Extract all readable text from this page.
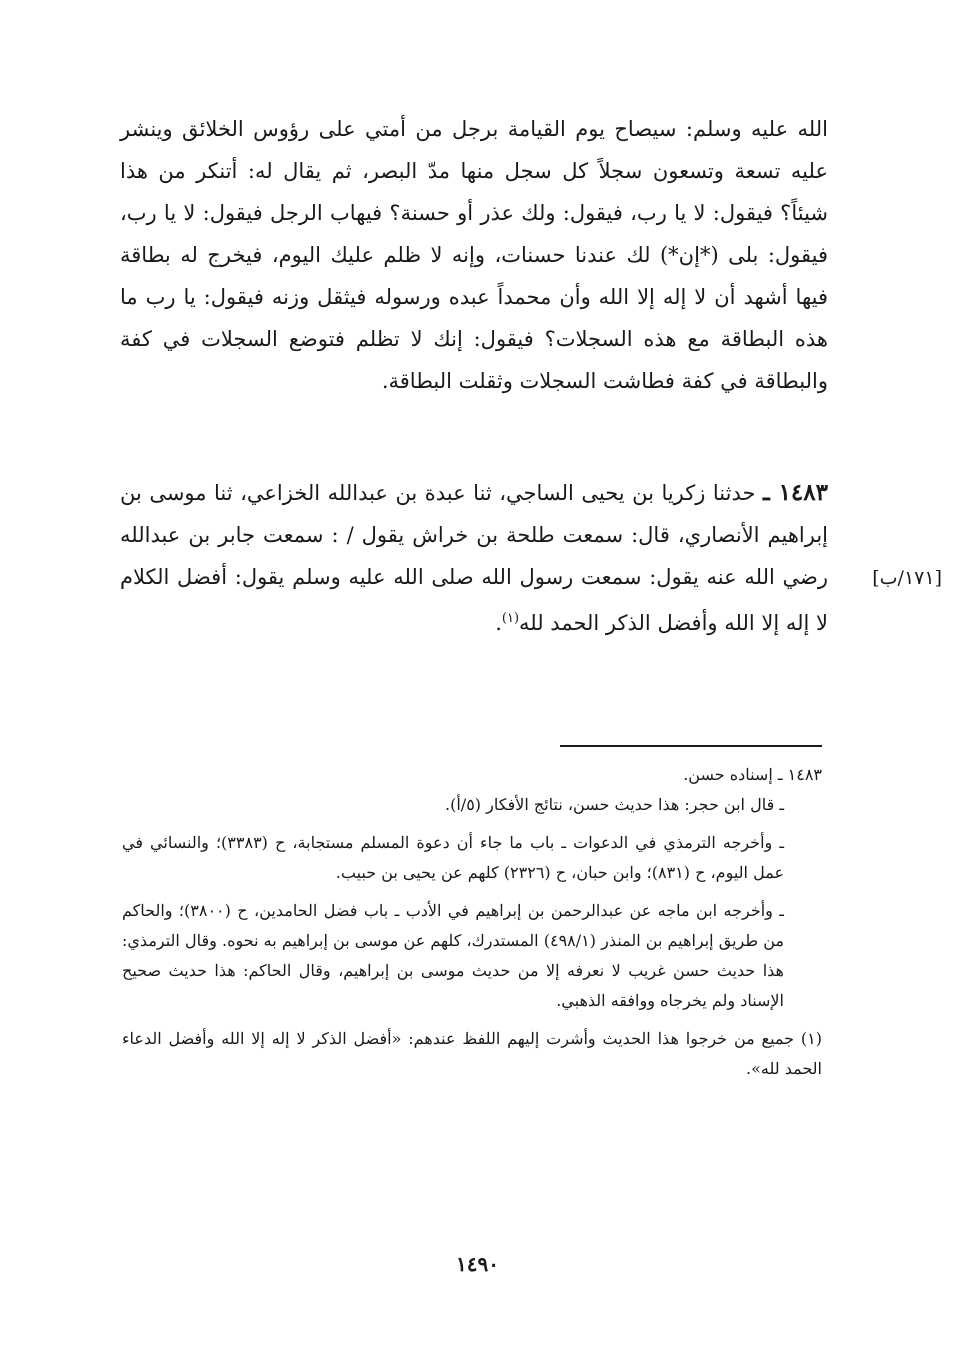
الله عليه وسلم: سيصاح يوم القيامة برجل من أمتي على رؤوس الخلائق وينشر عليه تسعة وتسعون سجلاً كل سجل منها مدّ البصر، ثم يقال له: أتنكر من هذا شيئاً؟ فيقول: لا يا رب، فيقول: ولك عذر أو حسنة؟ فيهاب الرجل فيقول: لا يا رب، فيقول: بلى (*إن*) لك عندنا حسنات، وإنه لا ظلم عليك اليوم، فيخرج له بطاقة فيها أشهد أن لا إله إلا الله وأن محمداً عبده ورسوله فيثقل وزنه فيقول: يا رب ما هذه البطاقة مع هذه السجلات؟ فيقول: إنك لا تظلم فتوضع السجلات في كفة والبطاقة في كفة فطاشت السجلات وثقلت البطاقة.

١٤٨٣ ـ حدثنا زكريا بن يحيى الساجي، ثنا عبدة بن عبدالله الخزاعي، ثنا موسى بن إبراهيم الأنصاري، قال: سمعت طلحة بن خراش يقول / : سمعت جابر بن عبدالله رضي الله عنه يقول: سمعت رسول الله صلى الله عليه وسلم يقول: أفضل الكلام لا إله إلا الله وأفضل الذكر الحمد لله$^{(١)}$.
[١٧١/ب]

١٤٨٣ ـ إسناده حسن.

ـ قال ابن حجر: هذا حديث حسن، نتائج الأفكار (٥/أ).

ـ وأخرجه الترمذي في الدعوات ـ باب ما جاء أن دعوة المسلم مستجابة، ح (٣٣٨٣)؛ والنسائي في عمل اليوم، ح (٨٣١)؛ وابن حبان، ح (٢٣٢٦) كلهم عن يحيى بن حبيب.

ـ وأخرجه ابن ماجه عن عبدالرحمن بن إبراهيم في الأدب ـ باب فضل الحامدين، ح (٣٨٠٠)؛ والحاكم من طريق إبراهيم بن المنذر (٤٩٨/١) المستدرك، كلهم عن موسى بن إبراهيم به نحوه. وقال الترمذي: هذا حديث حسن غريب لا نعرفه إلا من حديث موسى بن إبراهيم، وقال الحاكم: هذا حديث صحيح الإسناد ولم يخرجاه ووافقه الذهبي.

(١) جميع من خرجوا هذا الحديث وأشرت إليهم اللفظ عندهم: «أفضل الذكر لا إله إلا الله وأفضل الدعاء الحمد لله».

١٤٩٠
